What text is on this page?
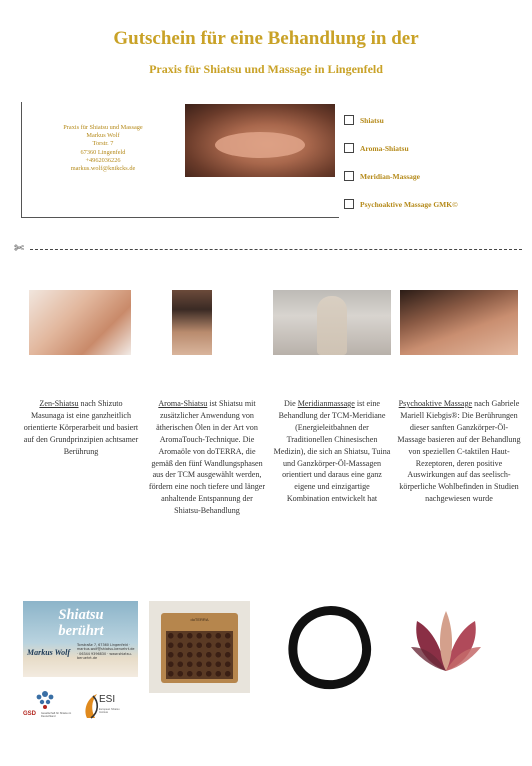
Gutschein für eine Behandlung in der
Praxis für Shiatsu und Massage in Lingenfeld
Praxis für Shiatsu und Massage
Markus Wolf
Torstr. 7
67360 Lingenfeld
+4962036226
markus.wolf@knikcks.de
Shiatsu
Aroma-Shiatsu
Meridian-Massage
Psychoaktive Massage GMK©
✄
Zen-Shiatsu nach Shizuto Masunaga ist eine ganzheitlich orientierte Körperarbeit und basiert auf den Grundprinzipien achtsamer Berührung
Aroma-Shiatsu ist Shiatsu mit zusätzlicher Anwendung von ätherischen Ölen in der Art von AromaTouch-Technique. Die Aromaöle von doTERRA, die gemäß den fünf Wandlungsphasen aus der TCM ausgewählt werden, fördern eine noch tiefere und länger anhaltende Entspannung der Shiatsu-Behandlung
Die Meridianmassage ist eine Behandlung der TCM-Meridiane (Energieleitbahnen der Traditionellen Chinesischen Medizin), die sich an Shiatsu, Tuina und Ganzkörper-Öl-Massagen orientiert und daraus eine ganz eigene und einzigartige Kombination entwickelt hat
Psychoaktive Massage nach Gabriele Mariell Kiebgis®: Die Berührungen dieser sanften Ganzkörper-Öl-Massage basieren auf der Behandlung von speziellen C-taktilen Haut-Rezeptoren, deren positive Auswirkungen auf das seelisch-körperliche Wohlbefinden in Studien nachgewiesen wurde
Shiatsu
berührt
Markus Wolf
Torstraße 7, 67360 Lingenfeld · markus.wolf@shiatsu-beruehrt.de · 06344 9396830 · www.shiatsu-beruehrt.de
doTERRA
GSD Gesellschaft für Shiatsu in Deutschland
ESI
European Shiatsu Institute
